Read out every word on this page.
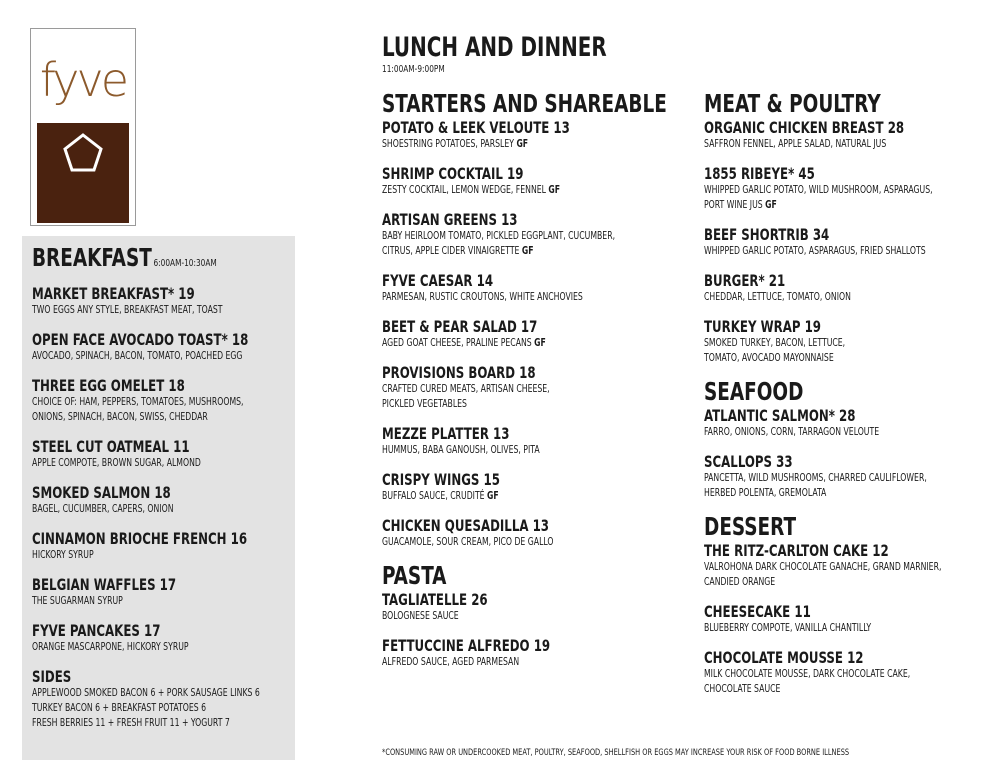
fyve
BREAKFAST 6:00AM-10:30AM
MARKET BREAKFAST* 19
TWO EGGS ANY STYLE, BREAKFAST MEAT, TOAST
OPEN FACE AVOCADO TOAST* 18
AVOCADO, SPINACH, BACON, TOMATO, POACHED EGG
THREE EGG OMELET 18
CHOICE OF: HAM, PEPPERS, TOMATOES, MUSHROOMS,
ONIONS, SPINACH, BACON, SWISS, CHEDDAR
STEEL CUT OATMEAL 11
APPLE COMPOTE, BROWN SUGAR, ALMOND
SMOKED SALMON 18
BAGEL, CUCUMBER, CAPERS, ONION
CINNAMON BRIOCHE FRENCH 16
HICKORY SYRUP
BELGIAN WAFFLES 17
THE SUGARMAN SYRUP
FYVE PANCAKES 17
ORANGE MASCARPONE, HICKORY SYRUP
SIDES
APPLEWOOD SMOKED BACON 6 + PORK SAUSAGE LINKS 6
TURKEY BACON 6 + BREAKFAST POTATOES 6
FRESH BERRIES 11 + FRESH FRUIT 11 + YOGURT 7
LUNCH AND DINNER
11:00AM-9:00PM
STARTERS AND SHAREABLE
POTATO & LEEK VELOUTE 13
SHOESTRING POTATOES, PARSLEY GF
SHRIMP COCKTAIL 19
ZESTY COCKTAIL, LEMON WEDGE, FENNEL GF
ARTISAN GREENS 13
BABY HEIRLOOM TOMATO, PICKLED EGGPLANT, CUCUMBER,
CITRUS, APPLE CIDER VINAIGRETTE GF
FYVE CAESAR 14
PARMESAN, RUSTIC CROUTONS, WHITE ANCHOVIES
BEET & PEAR SALAD 17
AGED GOAT CHEESE, PRALINE PECANS GF
PROVISIONS BOARD 18
CRAFTED CURED MEATS, ARTISAN CHEESE,
PICKLED VEGETABLES
MEZZE PLATTER 13
HUMMUS, BABA GANOUSH, OLIVES, PITA
CRISPY WINGS 15
BUFFALO SAUCE, CRUDITÉ GF
CHICKEN QUESADILLA 13
GUACAMOLE, SOUR CREAM, PICO DE GALLO
PASTA
TAGLIATELLE 26
BOLOGNESE SAUCE
FETTUCCINE ALFREDO 19
ALFREDO SAUCE, AGED PARMESAN
MEAT & POULTRY
ORGANIC CHICKEN BREAST 28
SAFFRON FENNEL, APPLE SALAD, NATURAL JUS
1855 RIBEYE* 45
WHIPPED GARLIC POTATO, WILD MUSHROOM, ASPARAGUS,
PORT WINE JUS GF
BEEF SHORTRIB 34
WHIPPED GARLIC POTATO, ASPARAGUS, FRIED SHALLOTS
BURGER* 21
CHEDDAR, LETTUCE, TOMATO, ONION
TURKEY WRAP 19
SMOKED TURKEY, BACON, LETTUCE,
TOMATO, AVOCADO MAYONNAISE
SEAFOOD
ATLANTIC SALMON* 28
FARRO, ONIONS, CORN, TARRAGON VELOUTE
SCALLOPS 33
PANCETTA, WILD MUSHROOMS, CHARRED CAULIFLOWER,
HERBED POLENTA, GREMOLATA
DESSERT
THE RITZ-CARLTON CAKE 12
VALROHONA DARK CHOCOLATE GANACHE, GRAND MARNIER,
CANDIED ORANGE
CHEESECAKE 11
BLUEBERRY COMPOTE, VANILLA CHANTILLY
CHOCOLATE MOUSSE 12
MILK CHOCOLATE MOUSSE, DARK CHOCOLATE CAKE,
CHOCOLATE SAUCE
*CONSUMING RAW OR UNDERCOOKED MEAT, POULTRY, SEAFOOD, SHELLFISH OR EGGS MAY INCREASE YOUR RISK OF FOOD BORNE ILLNESS
